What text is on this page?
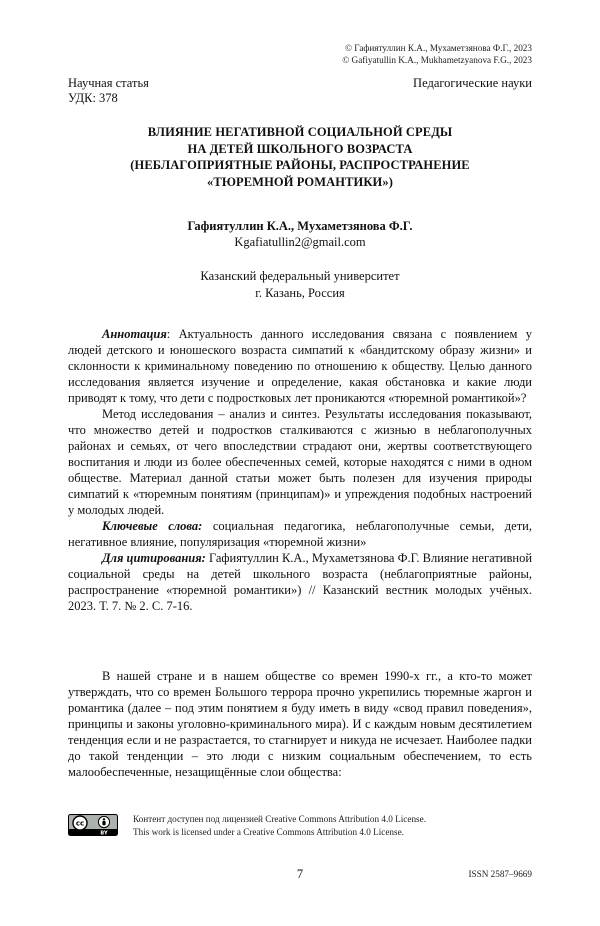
© Гафиятуллин К.А., Мухаметзянова Ф.Г., 2023
© Gafiyatullin K.A., Mukhametzyanova F.G., 2023
Научная статья
УДК: 378
Педагогические науки
ВЛИЯНИЕ НЕГАТИВНОЙ СОЦИАЛЬНОЙ СРЕДЫ
НА ДЕТЕЙ ШКОЛЬНОГО ВОЗРАСТА
(НЕБЛАГОПРИЯТНЫЕ РАЙОНЫ, РАСПРОСТРАНЕНИЕ
«ТЮРЕМНОЙ РОМАНТИКИ»)
Гафиятуллин К.А., Мухаметзянова Ф.Г.
Kgafiatullin2@gmail.com
Казанский федеральный университет
г. Казань, Россия

Аннотация: Актуальность данного исследования связана с появлением у людей детского и юношеского возраста симпатий к «бандитскому образу жизни» и склонности к криминальному поведению по отношению к обществу. Целью данного исследования является изучение и определение, какая обстановка и какие люди приводят к тому, что дети с подростковых лет проникаются «тюремной романтикой»?

Метод исследования – анализ и синтез. Результаты исследования показывают, что множество детей и подростков сталкиваются с жизнью в неблагополучных районах и семьях, от чего впоследствии страдают они, жертвы соответствующего воспитания и люди из более обеспеченных семей, которые находятся с ними в одном обществе. Материал данной статьи может быть полезен для изучения природы симпатий к «тюремным понятиям (принципам)» и упреждения подобных настроений у молодых людей.

Ключевые слова: социальная педагогика, неблагополучные семьи, дети, негативное влияние, популяризация «тюремной жизни»

Для цитирования: Гафиятуллин К.А., Мухаметзянова Ф.Г. Влияние негативной социальной среды на детей школьного возраста (неблагоприятные районы, распространение «тюремной романтики») // Казанский вестник молодых учёных. 2023. Т. 7. № 2. С. 7-16.

В нашей стране и в нашем обществе со времен 1990-х гг., а кто-то может утверждать, что со времен Большого террора прочно укрепились тюремные жаргон и романтика (далее – под этим понятием я буду иметь в виду «свод правил поведения», принципы и законы уголовно-криминального мира). И с каждым новым десятилетием тенденция если и не разрастается, то стагнирует и никуда не исчезает. Наиболее падки до такой тенденции – это люди с низким социальным обеспечением, то есть малообеспеченные, незащищённые слои общества:

cc
BY
Контент доступен под лицензией Creative Commons Attribution 4.0 License.
This work is licensed under a Creative Commons Attribution 4.0 License.
7	ISSN 2587–9669
